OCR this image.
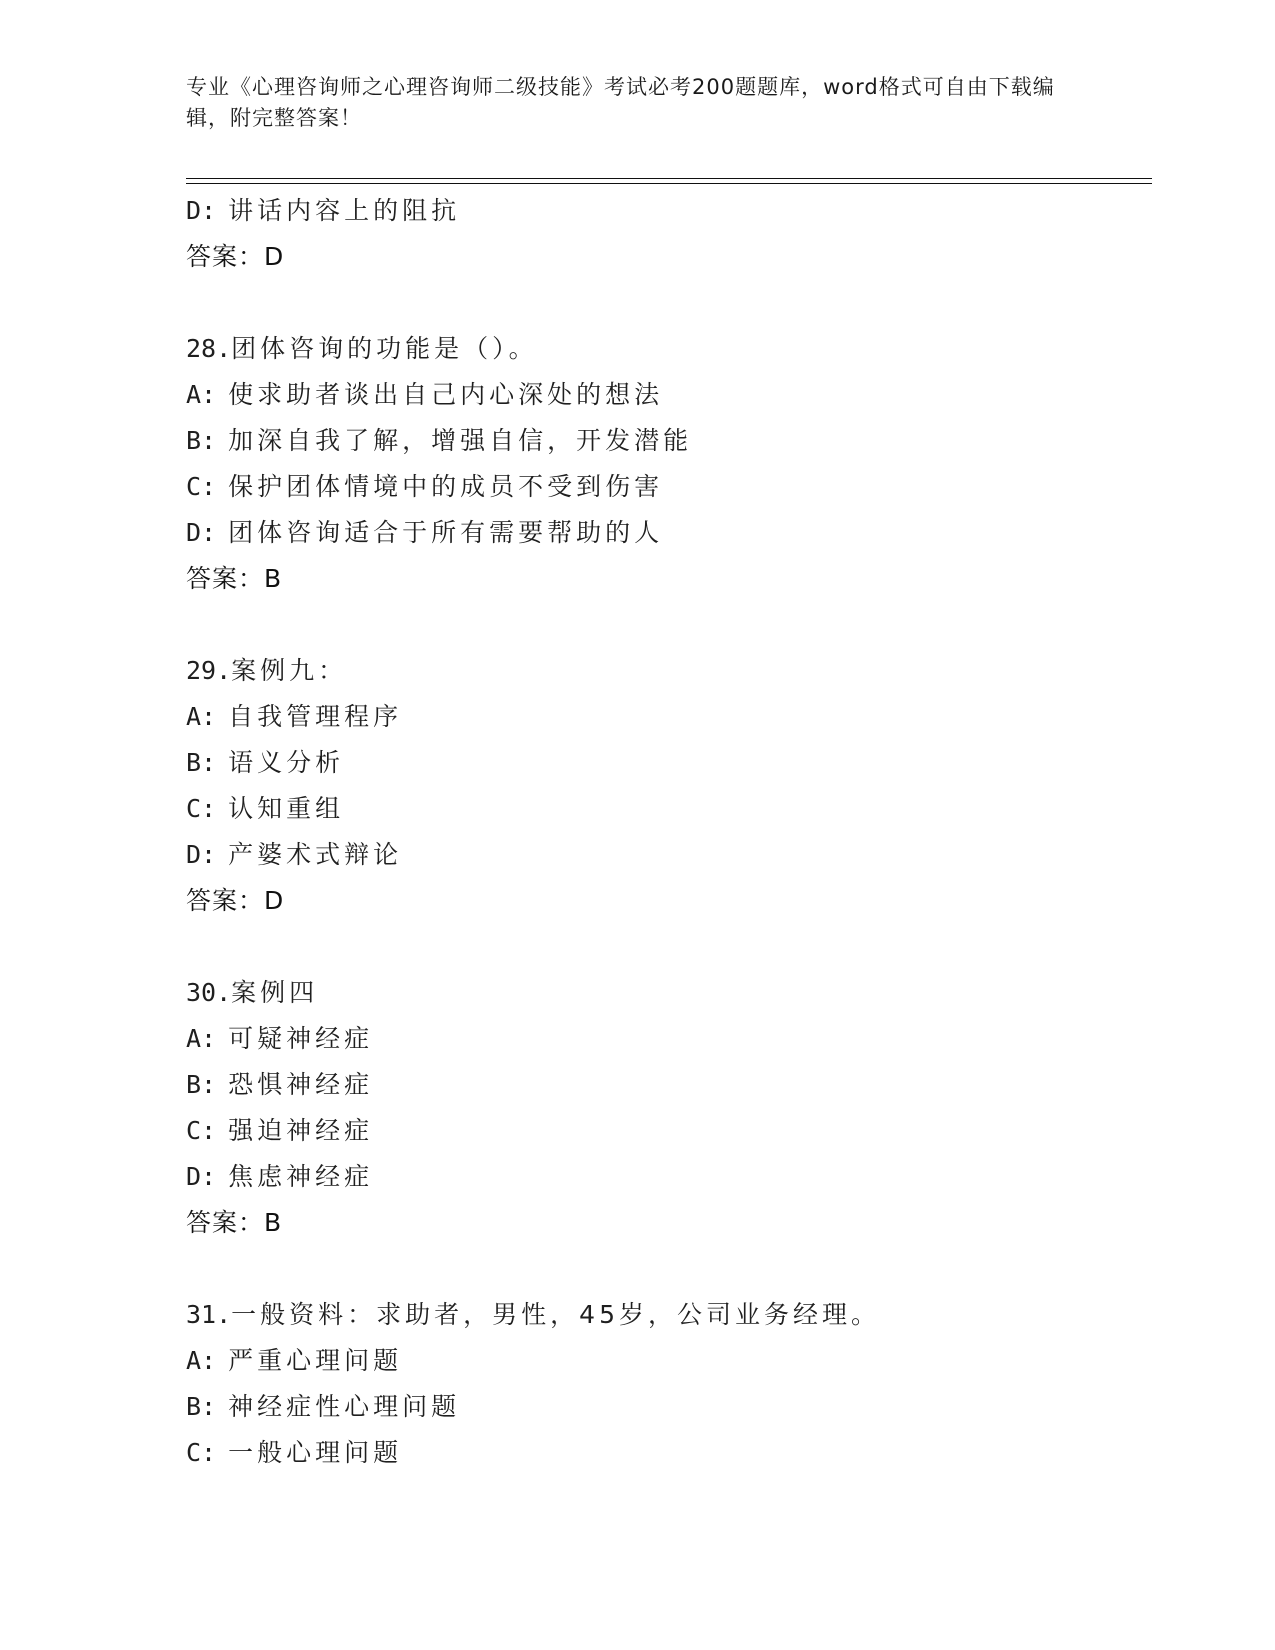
专业《心理咨询师之心理咨询师二级技能》考试必考200题题库，word格式可自由下载编辑，附完整答案！
D: 讲话内容上的阻抗
答案：D
28.团体咨询的功能是（）。
A: 使求助者谈出自己内心深处的想法
B: 加深自我了解，增强自信，开发潜能
C: 保护团体情境中的成员不受到伤害
D: 团体咨询适合于所有需要帮助的人
答案：B
29.案例九：
A: 自我管理程序
B: 语义分析
C: 认知重组
D: 产婆术式辩论
答案：D
30.案例四
A: 可疑神经症
B: 恐惧神经症
C: 强迫神经症
D: 焦虑神经症
答案：B
31.一般资料：求助者，男性，45岁，公司业务经理。
A: 严重心理问题
B: 神经症性心理问题
C: 一般心理问题
